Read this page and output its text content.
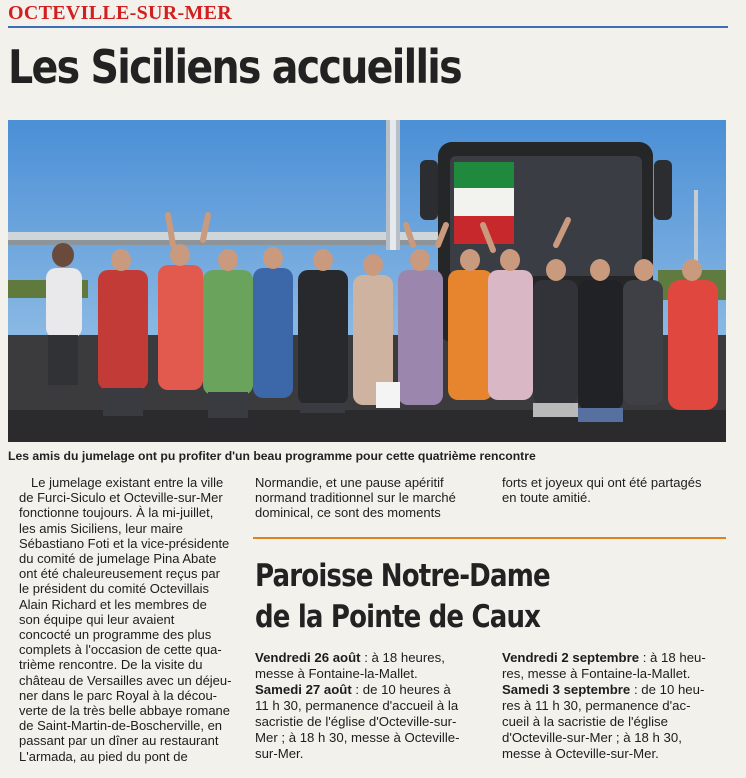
OCTEVILLE-SUR-MER
Les Siciliens accueillis
Les amis du jumelage ont pu profiter d'un beau programme pour cette quatrième rencontre
Le jumelage existant entre la ville
de Furci-Siculo et Octeville-sur-Mer
fonctionne toujours. À la mi-juillet,
les amis Siciliens, leur maire
Sébastiano Foti et la vice-présidente
du comité de jumelage Pina Abate
ont été chaleureusement reçus par
le président du comité Octevillais
Alain Richard et les membres de
son équipe qui leur avaient
concocté un programme des plus
complets à l'occasion de cette qua-
trième rencontre. De la visite du
château de Versailles avec un déjeu-
ner dans le parc Royal à la décou-
verte de la très belle abbaye romane
de Saint-Martin-de-Boscherville, en
passant par un dîner au restaurant
L'armada, au pied du pont de
Normandie, et une pause apéritif
normand traditionnel sur le marché
dominical, ce sont des moments
forts et joyeux qui ont été partagés
en toute amitié.
Paroisse Notre-Dame
de la Pointe de Caux
Vendredi 26 août : à 18 heures,
messe à Fontaine-la-Mallet.
Samedi 27 août : de 10 heures à
11 h 30, permanence d'accueil à la
sacristie de l'église d'Octeville-sur-
Mer ; à 18 h 30, messe à Octeville-
sur-Mer.
Vendredi 2 septembre : à 18 heu-
res, messe à Fontaine-la-Mallet.
Samedi 3 septembre : de 10 heu-
res à 11 h 30, permanence d'ac-
cueil à la sacristie de l'église
d'Octeville-sur-Mer ; à 18 h 30,
messe à Octeville-sur-Mer.
